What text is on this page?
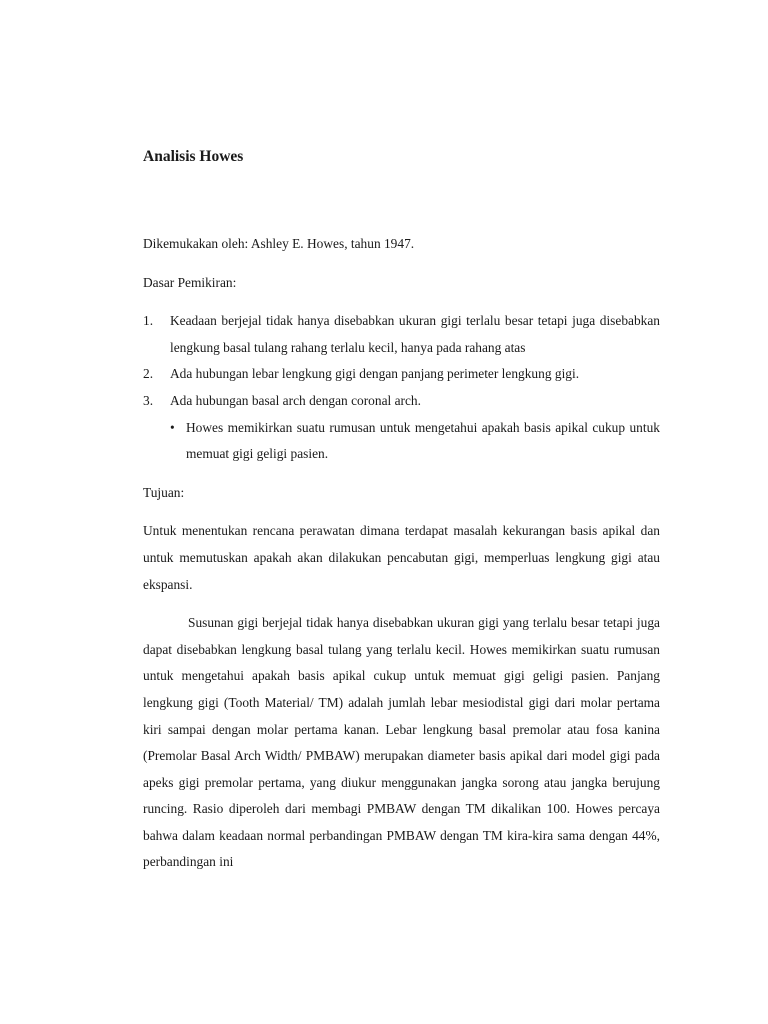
Analisis Howes

Dikemukakan oleh: Ashley E. Howes, tahun 1947.

Dasar Pemikiran:

1. Keadaan berjejal tidak hanya disebabkan ukuran gigi terlalu besar tetapi juga disebabkan lengkung basal tulang rahang terlalu kecil, hanya pada rahang atas
2. Ada hubungan lebar lengkung gigi dengan panjang perimeter lengkung gigi.
3. Ada hubungan basal arch dengan coronal arch.
• Howes memikirkan suatu rumusan untuk mengetahui apakah basis apikal cukup untuk memuat gigi geligi pasien.

Tujuan:

Untuk menentukan rencana perawatan dimana terdapat masalah kekurangan basis apikal dan untuk memutuskan apakah akan dilakukan pencabutan gigi, memperluas lengkung gigi atau ekspansi.

Susunan gigi berjejal tidak hanya disebabkan ukuran gigi yang terlalu besar tetapi juga dapat disebabkan lengkung basal tulang yang terlalu kecil. Howes memikirkan suatu rumusan untuk mengetahui apakah basis apikal cukup untuk memuat gigi geligi pasien. Panjang lengkung gigi (Tooth Material/ TM) adalah jumlah lebar mesiodistal gigi dari molar pertama kiri sampai dengan molar pertama kanan. Lebar lengkung basal premolar atau fosa kanina (Premolar Basal Arch Width/ PMBAW) merupakan diameter basis apikal dari model gigi pada apeks gigi premolar pertama, yang diukur menggunakan jangka sorong atau jangka berujung runcing. Rasio diperoleh dari membagi PMBAW dengan TM dikalikan 100. Howes percaya bahwa dalam keadaan normal perbandingan PMBAW dengan TM kira-kira sama dengan 44%, perbandingan ini
